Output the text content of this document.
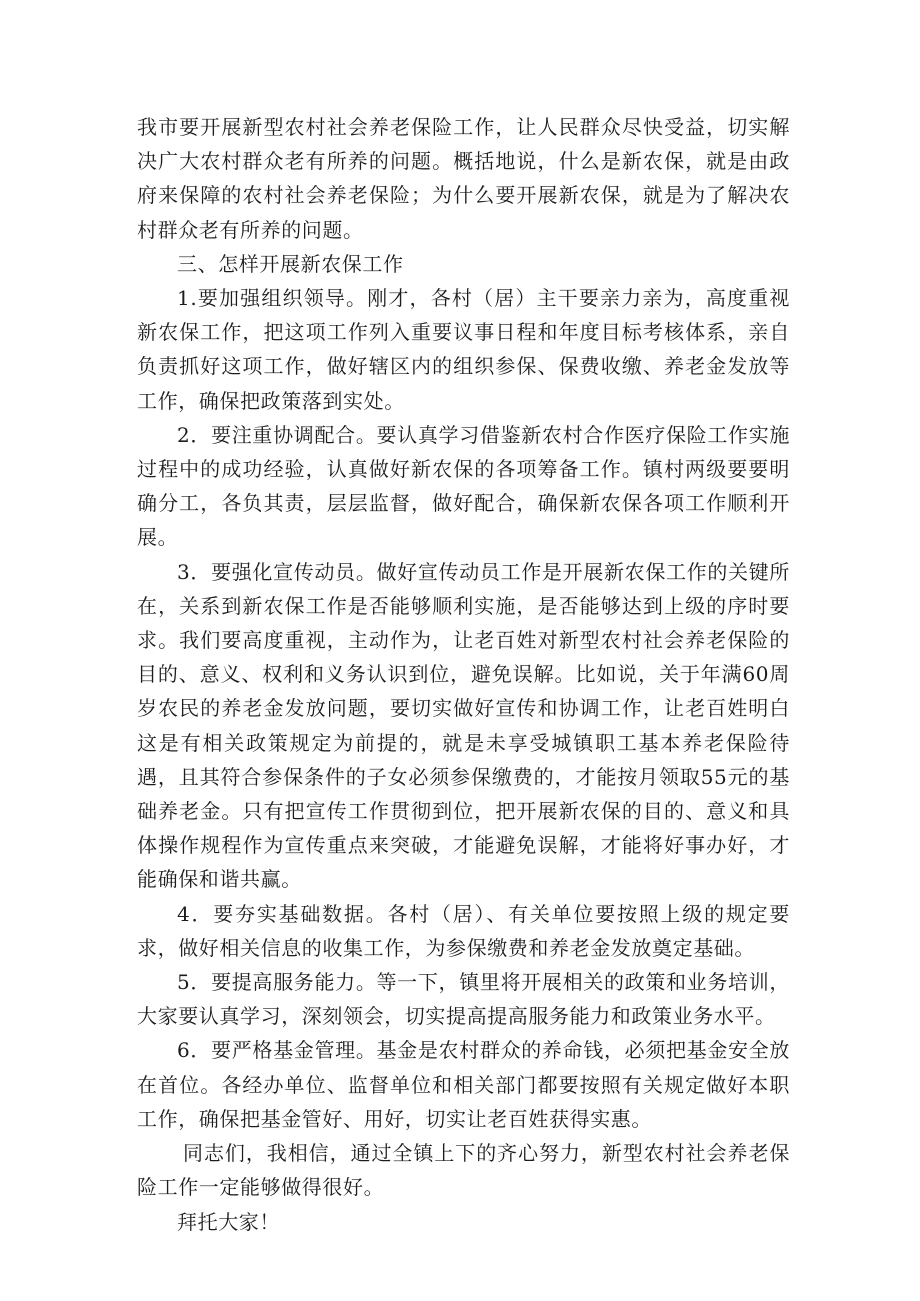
我市要开展新型农村社会养老保险工作，让人民群众尽快受益，切实解决广大农村群众老有所养的问题。概括地说，什么是新农保，就是由政府来保障的农村社会养老保险；为什么要开展新农保，就是为了解决农村群众老有所养的问题。

三、怎样开展新农保工作

1.要加强组织领导。刚才，各村（居）主干要亲力亲为，高度重视新农保工作，把这项工作列入重要议事日程和年度目标考核体系，亲自负责抓好这项工作，做好辖区内的组织参保、保费收缴、养老金发放等工作，确保把政策落到实处。

2．要注重协调配合。要认真学习借鉴新农村合作医疗保险工作实施过程中的成功经验，认真做好新农保的各项筹备工作。镇村两级要要明确分工，各负其责，层层监督，做好配合，确保新农保各项工作顺利开展。

3．要强化宣传动员。做好宣传动员工作是开展新农保工作的关键所在，关系到新农保工作是否能够顺利实施，是否能够达到上级的序时要求。我们要高度重视，主动作为，让老百姓对新型农村社会养老保险的目的、意义、权利和义务认识到位，避免误解。比如说，关于年满60周岁农民的养老金发放问题，要切实做好宣传和协调工作，让老百姓明白这是有相关政策规定为前提的，就是未享受城镇职工基本养老保险待遇，且其符合参保条件的子女必须参保缴费的，才能按月领取55元的基础养老金。只有把宣传工作贯彻到位，把开展新农保的目的、意义和具体操作规程作为宣传重点来突破，才能避免误解，才能将好事办好，才能确保和谐共赢。

4．要夯实基础数据。各村（居）、有关单位要按照上级的规定要求，做好相关信息的收集工作，为参保缴费和养老金发放奠定基础。

5．要提高服务能力。等一下，镇里将开展相关的政策和业务培训，大家要认真学习，深刻领会，切实提高提高服务能力和政策业务水平。

6．要严格基金管理。基金是农村群众的养命钱，必须把基金安全放在首位。各经办单位、监督单位和相关部门都要按照有关规定做好本职工作，确保把基金管好、用好，切实让老百姓获得实惠。

同志们，我相信，通过全镇上下的齐心努力，新型农村社会养老保险工作一定能够做得很好。

拜托大家！
